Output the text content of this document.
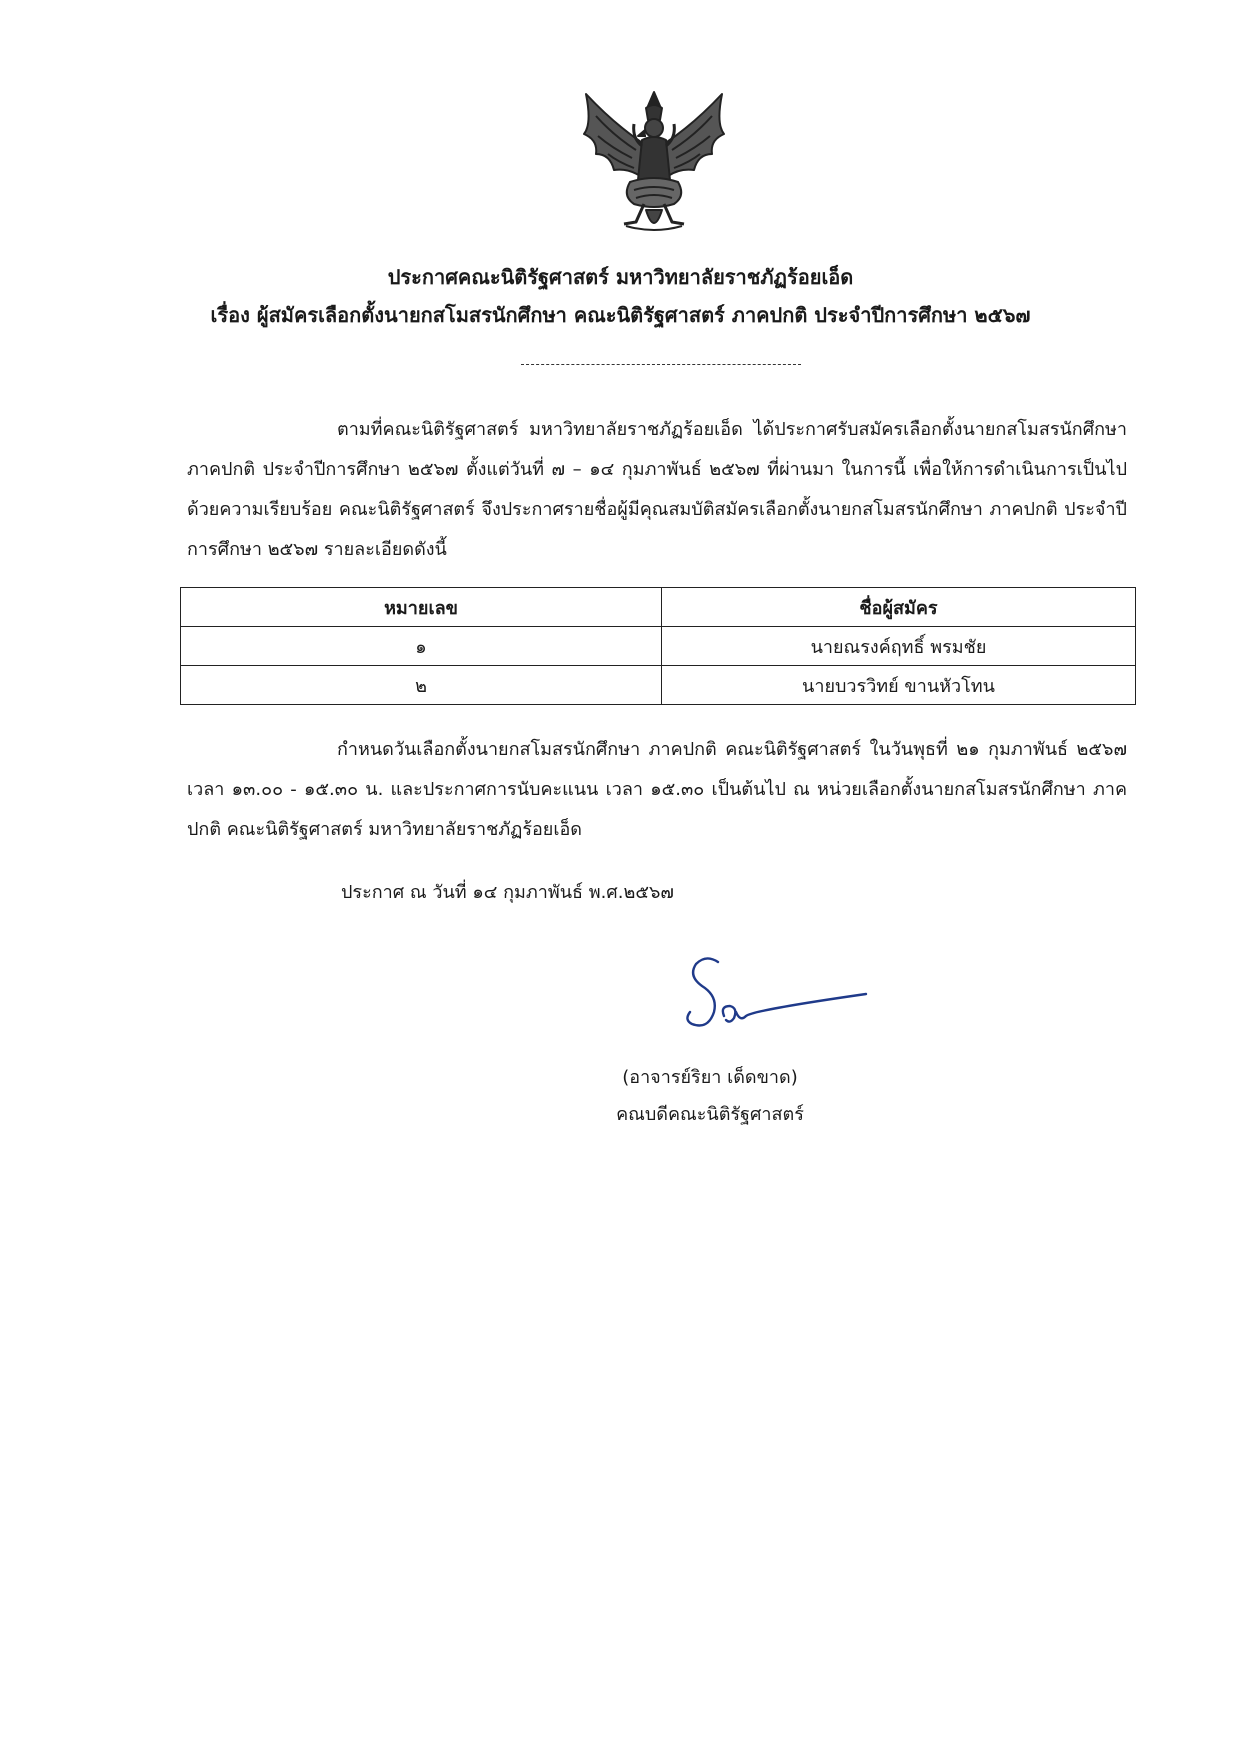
ประกาศคณะนิติรัฐศาสตร์ มหาวิทยาลัยราชภัฏร้อยเอ็ด
เรื่อง ผู้สมัครเลือกตั้งนายกสโมสรนักศึกษา คณะนิติรัฐศาสตร์ ภาคปกติ ประจำปีการศึกษา ๒๕๖๗
ตามที่คณะนิติรัฐศาสตร์ มหาวิทยาลัยราชภัฏร้อยเอ็ด ได้ประกาศรับสมัครเลือกตั้งนายกสโมสรนักศึกษา ภาคปกติ ประจำปีการศึกษา ๒๕๖๗ ตั้งแต่วันที่ ๗ – ๑๔ กุมภาพันธ์ ๒๕๖๗ ที่ผ่านมา ในการนี้ เพื่อให้การดำเนินการเป็นไปด้วยความเรียบร้อย คณะนิติรัฐศาสตร์ จึงประกาศรายชื่อผู้มีคุณสมบัติสมัครเลือกตั้งนายกสโมสรนักศึกษา ภาคปกติ ประจำปีการศึกษา ๒๕๖๗ รายละเอียดดังนี้
หมายเลข	ชื่อผู้สมัคร
๑	นายณรงค์ฤทธิ์ พรมชัย
๒	นายบวรวิทย์ ขานหัวโทน
กำหนดวันเลือกตั้งนายกสโมสรนักศึกษา ภาคปกติ คณะนิติรัฐศาสตร์ ในวันพุธที่ ๒๑ กุมภาพันธ์ ๒๕๖๗ เวลา ๑๓.๐๐ - ๑๕.๓๐ น. และประกาศการนับคะแนน เวลา ๑๕.๓๐ เป็นต้นไป ณ หน่วยเลือกตั้งนายกสโมสรนักศึกษา ภาคปกติ คณะนิติรัฐศาสตร์ มหาวิทยาลัยราชภัฏร้อยเอ็ด
ประกาศ ณ วันที่ ๑๔ กุมภาพันธ์ พ.ศ.๒๕๖๗
(อาจารย์ริยา เด็ดขาด)
คณบดีคณะนิติรัฐศาสตร์
